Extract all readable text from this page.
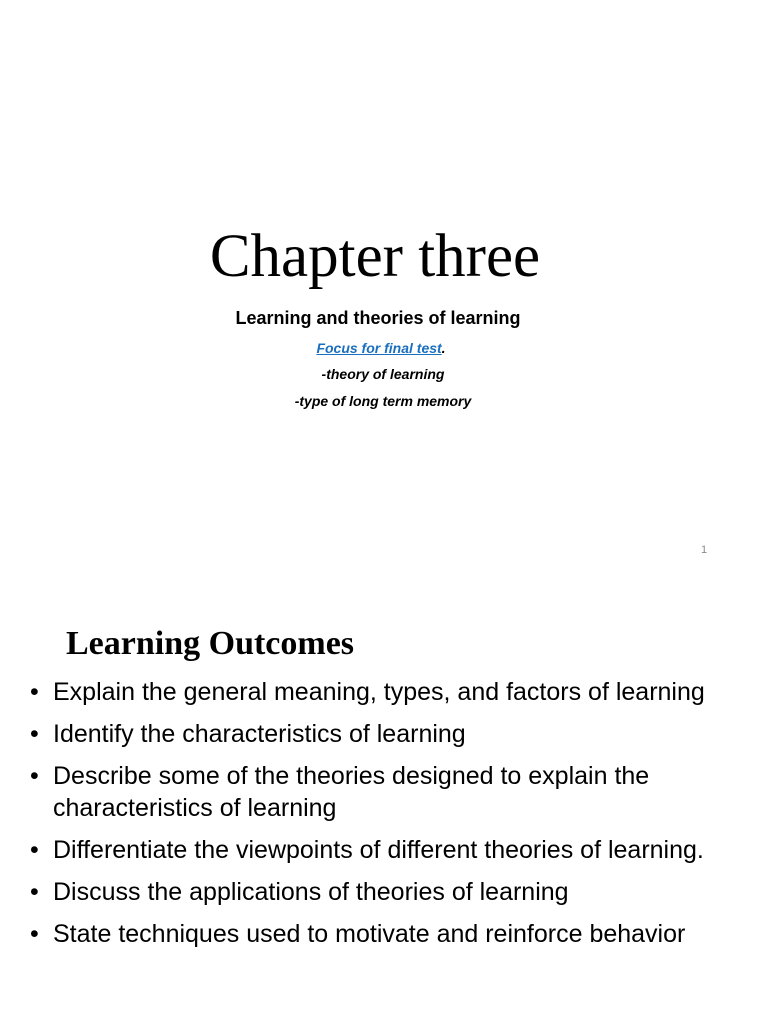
Chapter three

Learning and theories of learning

Focus for final test.

-theory of learning

-type of long term memory

1
Learning Outcomes
• Explain the general meaning, types, and factors of learning
• Identify the characteristics of learning
• Describe some of the theories designed to explain the characteristics of learning
• Differentiate the viewpoints of different theories of learning.
• Discuss the applications of theories of learning
• State techniques used to motivate and reinforce behavior
